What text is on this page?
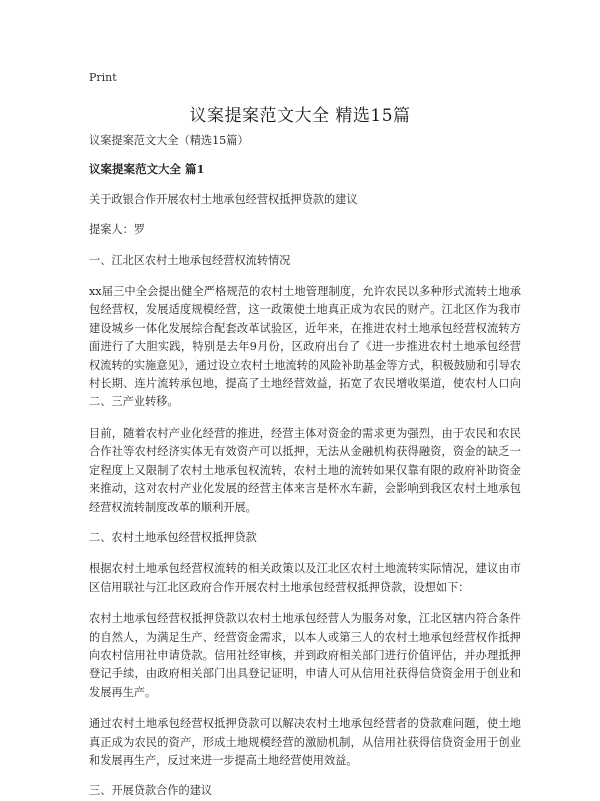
Print
议案提案范文大全 精选15篇

议案提案范文大全（精选15篇）

议案提案范文大全 篇1

关于政银合作开展农村土地承包经营权抵押贷款的建议

提案人：罗

一、江北区农村土地承包经营权流转情况

xx届三中全会提出健全严格规范的农村土地管理制度，允许农民以多种形式流转土地承包经营权，发展适度规模经营，这一政策使土地真正成为农民的财产。江北区作为我市建设城乡一体化发展综合配套改革试验区，近年来，在推进农村土地承包经营权流转方面进行了大胆实践，特别是去年9月份，区政府出台了《进一步推进农村土地承包经营权流转的实施意见》，通过设立农村土地流转的风险补助基金等方式，积极鼓励和引导农村长期、连片流转承包地，提高了土地经营效益，拓宽了农民增收渠道，使农村人口向二、三产业转移。

目前，随着农村产业化经营的推进，经营主体对资金的需求更为强烈，由于农民和农民合作社等农村经济实体无有效资产可以抵押，无法从金融机构获得融资，资金的缺乏一定程度上又限制了农村土地承包权流转，农村土地的流转如果仅靠有限的政府补助资金来推动，这对农村产业化发展的经营主体来言是杯水车薪，会影响到我区农村土地承包经营权流转制度改革的顺利开展。

二、农村土地承包经营权抵押贷款

根据农村土地承包经营权流转的相关政策以及江北区农村土地流转实际情况，建议由市区信用联社与江北区政府合作开展农村土地承包经营权抵押贷款，设想如下：

农村土地承包经营权抵押贷款以农村土地承包经营人为服务对象，江北区辖内符合条件的自然人，为满足生产、经营资金需求，以本人或第三人的农村土地承包经营权作抵押向农村信用社申请贷款。信用社经审核，并到政府相关部门进行价值评估，并办理抵押登记手续，由政府相关部门出具登记证明，申请人可从信用社获得信贷资金用于创业和发展再生产。

通过农村土地承包经营权抵押贷款可以解决农村土地承包经营者的贷款难问题，使土地真正成为农民的资产，形成土地规模经营的激励机制，从信用社获得信贷资金用于创业和发展再生产，反过来进一步提高土地经营使用效益。

三、开展贷款合作的建议
